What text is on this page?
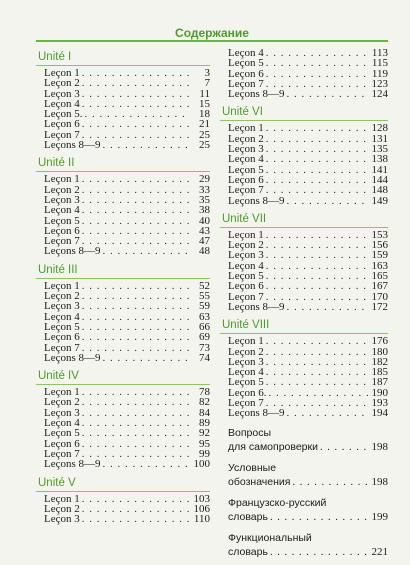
Содержание
Unité I
Leçon 1 . . .	3
Leçon 2 . . .	7
Leçon 3 . . .	11
Leçon 4 . . .	15
Leçon 5. . . .	18
Leçon 6 . . .	21
Leçon 7 . . .	25
Leçons 8—9 . . .	25
Unité II
Leçon 1 . . .	29
Leçon 2 . . .	33
Leçon 3 . . .	35
Leçon 4 . . .	38
Leçon 5 . . .	40
Leçon 6 . . .	43
Leçon 7 . . .	47
Leçons 8—9 . . .	48
Unité III
Leçon 1 . . .	52
Leçon 2 . . .	55
Leçon 3 . . .	59
Leçon 4 . . .	63
Leçon 5 . . .	66
Leçon 6 . . .	69
Leçon 7 . . .	73
Leçons 8—9 . . .	74
Unité IV
Leçon 1 . . .	78
Leçon 2 . . .	82
Leçon 3 . . .	84
Leçon 4 . . .	89
Leçon 5 . . .	92
Leçon 6 . . .	95
Leçon 7 . . .	99
Leçons 8—9 . . .	100
Unité V
Leçon 1 . . .	103
Leçon 2 . . .	106
Leçon 3 . . .	110
Leçon 4 . . .	113
Leçon 5 . . .	115
Leçon 6 . . .	119
Leçon 7 . . .	123
Leçons 8—9 . . .	124
Unité VI
Leçon 1 . . .	128
Leçon 2 . . .	131
Leçon 3 . . .	135
Leçon 4 . . .	138
Leçon 5 . . .	141
Leçon 6 . . .	144
Leçon 7 . . .	148
Leçons 8—9 . . .	149
Unité VII
Leçon 1 . . .	153
Leçon 2 . . .	156
Leçon 3 . . .	159
Leçon 4 . . .	163
Leçon 5 . . .	165
Leçon 6 . . .	167
Leçon 7 . . .	170
Leçons 8—9 . . .	172
Unité VIII
Leçon 1 . . .	176
Leçon 2 . . .	180
Leçon 3 . . .	182
Leçon 4 . . .	185
Leçon 5 . . .	187
Leçon 6. . . .	190
Leçon 7 . . .	193
Leçons 8—9 . . .	194
Вопросы
для самопроверки . . .	198
Условные
обозначения . . .	198
Французско-русский
словарь . . .	199
Функциональный
словарь . . .	221
